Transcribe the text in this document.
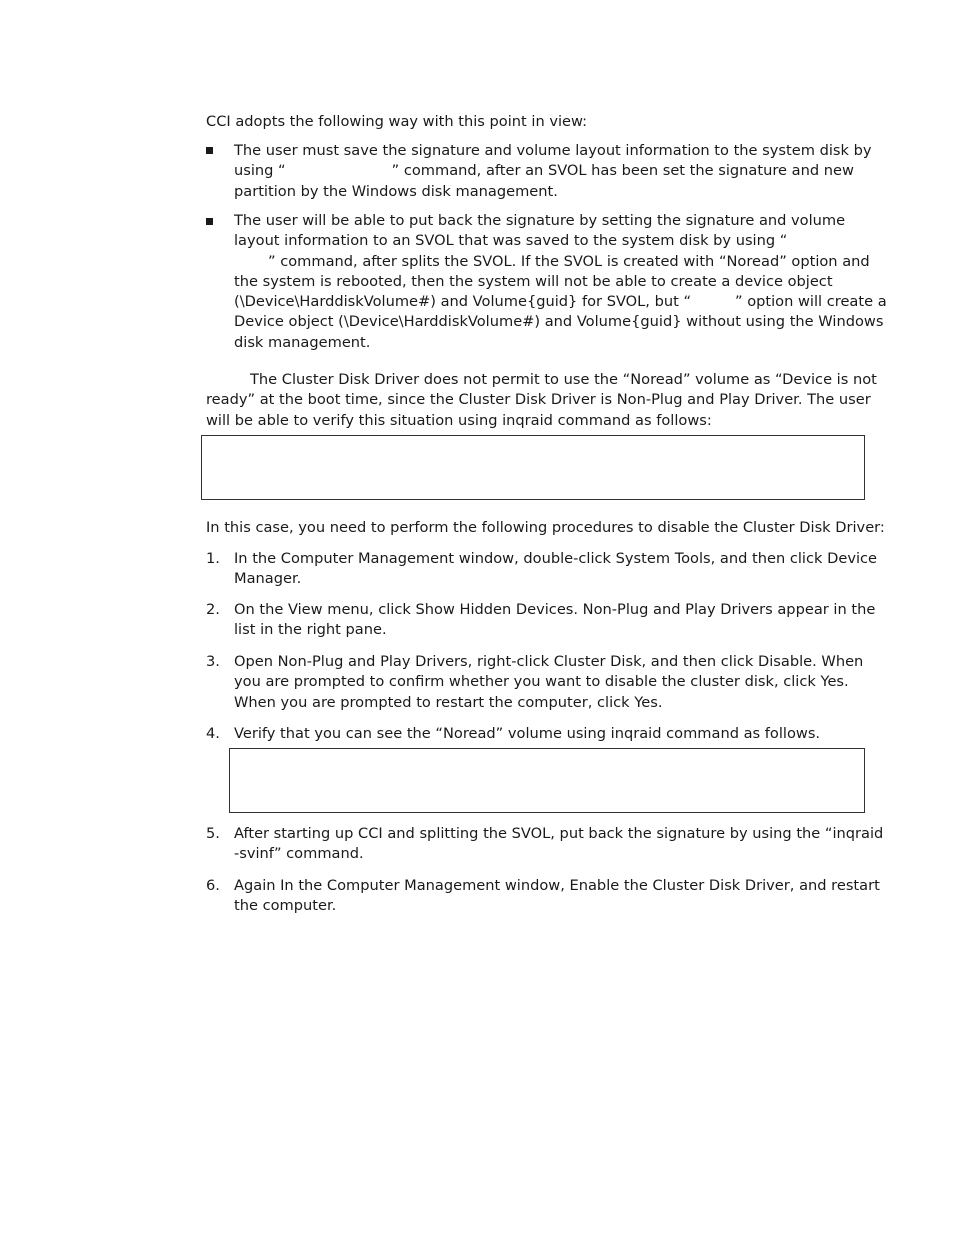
CCI adopts the following way with this point in view:

The user must save the signature and volume layout information to the system disk by
using “	” command, after an SVOL has been set the signature and new
partition by the Windows disk management.

The user will be able to put back the signature by setting the signature and volume
layout information to an SVOL that was saved to the system disk by using “
” command, after splits the SVOL. If the SVOL is created with “Noread” option and
the system is rebooted, then the system will not be able to create a device object
(\Device\HarddiskVolume#) and Volume{guid} for SVOL, but “	” option will create a
Device object (\Device\HarddiskVolume#) and Volume{guid} without using the Windows
disk management.

The Cluster Disk Driver does not permit to use the “Noread” volume as “Device is not
ready” at the boot time, since the Cluster Disk Driver is Non-Plug and Play Driver. The user
will be able to verify this situation using inqraid command as follows:

In this case, you need to perform the following procedures to disable the Cluster Disk Driver:

1. In the Computer Management window, double-click System Tools, and then click Device
Manager.

2. On the View menu, click Show Hidden Devices. Non-Plug and Play Drivers appear in the
list in the right pane.

3. Open Non-Plug and Play Drivers, right-click Cluster Disk, and then click Disable. When
you are prompted to confirm whether you want to disable the cluster disk, click Yes.
When you are prompted to restart the computer, click Yes.

4. Verify that you can see the “Noread” volume using inqraid command as follows.

5. After starting up CCI and splitting the SVOL, put back the signature by using the “inqraid
-svinf” command.

6. Again In the Computer Management window, Enable the Cluster Disk Driver, and restart
the computer.
